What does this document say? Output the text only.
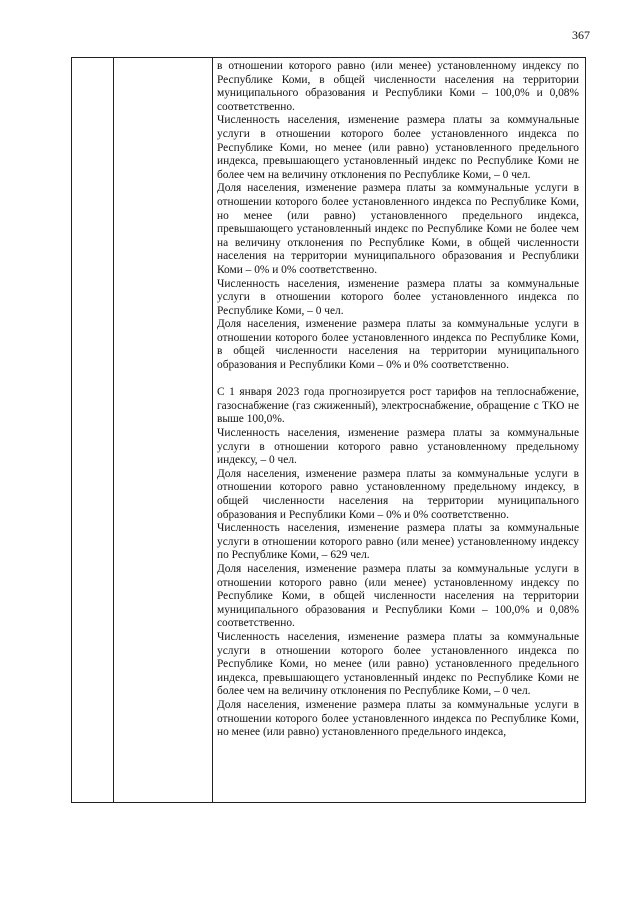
367

в отношении которого равно (или менее) установленному индексу по Республике Коми, в общей численности населения на территории муниципального образования и Республики Коми – 100,0% и 0,08% соответственно.

Численность населения, изменение размера платы за коммунальные услуги в отношении которого более установленного индекса по Республике Коми, но менее (или равно) установленного предельного индекса, превышающего установленный индекс по Республике Коми не более чем на величину отклонения по Республике Коми, – 0 чел.

Доля населения, изменение размера платы за коммунальные услуги в отношении которого более установленного индекса по Республике Коми, но менее (или равно) установленного предельного индекса, превышающего установленный индекс по Республике Коми не более чем на величину отклонения по Республике Коми, в общей численности населения на территории муниципального образования и Республики Коми – 0% и 0% соответственно.

Численность населения, изменение размера платы за коммунальные услуги в отношении которого более установленного индекса по Республике Коми, – 0 чел.

Доля населения, изменение размера платы за коммунальные услуги в отношении которого более установленного индекса по Республике Коми, в общей численности населения на территории муниципального образования и Республики Коми – 0% и 0% соответственно.

С 1 января 2023 года прогнозируется рост тарифов на теплоснабжение, газоснабжение (газ сжиженный), электроснабжение, обращение с ТКО не выше 100,0%.

Численность населения, изменение размера платы за коммунальные услуги в отношении которого равно установленному предельному индексу, – 0 чел.

Доля населения, изменение размера платы за коммунальные услуги в отношении которого равно установленному предельному индексу, в общей численности населения на территории муниципального образования и Республики Коми – 0% и 0% соответственно.

Численность населения, изменение размера платы за коммунальные услуги в отношении которого равно (или менее) установленному индексу по Республике Коми, – 629 чел.

Доля населения, изменение размера платы за коммунальные услуги в отношении которого равно (или менее) установленному индексу по Республике Коми, в общей численности населения на территории муниципального образования и Республики Коми – 100,0% и 0,08% соответственно.

Численность населения, изменение размера платы за коммунальные услуги в отношении которого более установленного индекса по Республике Коми, но менее (или равно) установленного предельного индекса, превышающего установленный индекс по Республике Коми не более чем на величину отклонения по Республике Коми, – 0 чел.

Доля населения, изменение размера платы за коммунальные услуги в отношении которого более установленного индекса по Республике Коми, но менее (или равно) установленного предельного индекса,
